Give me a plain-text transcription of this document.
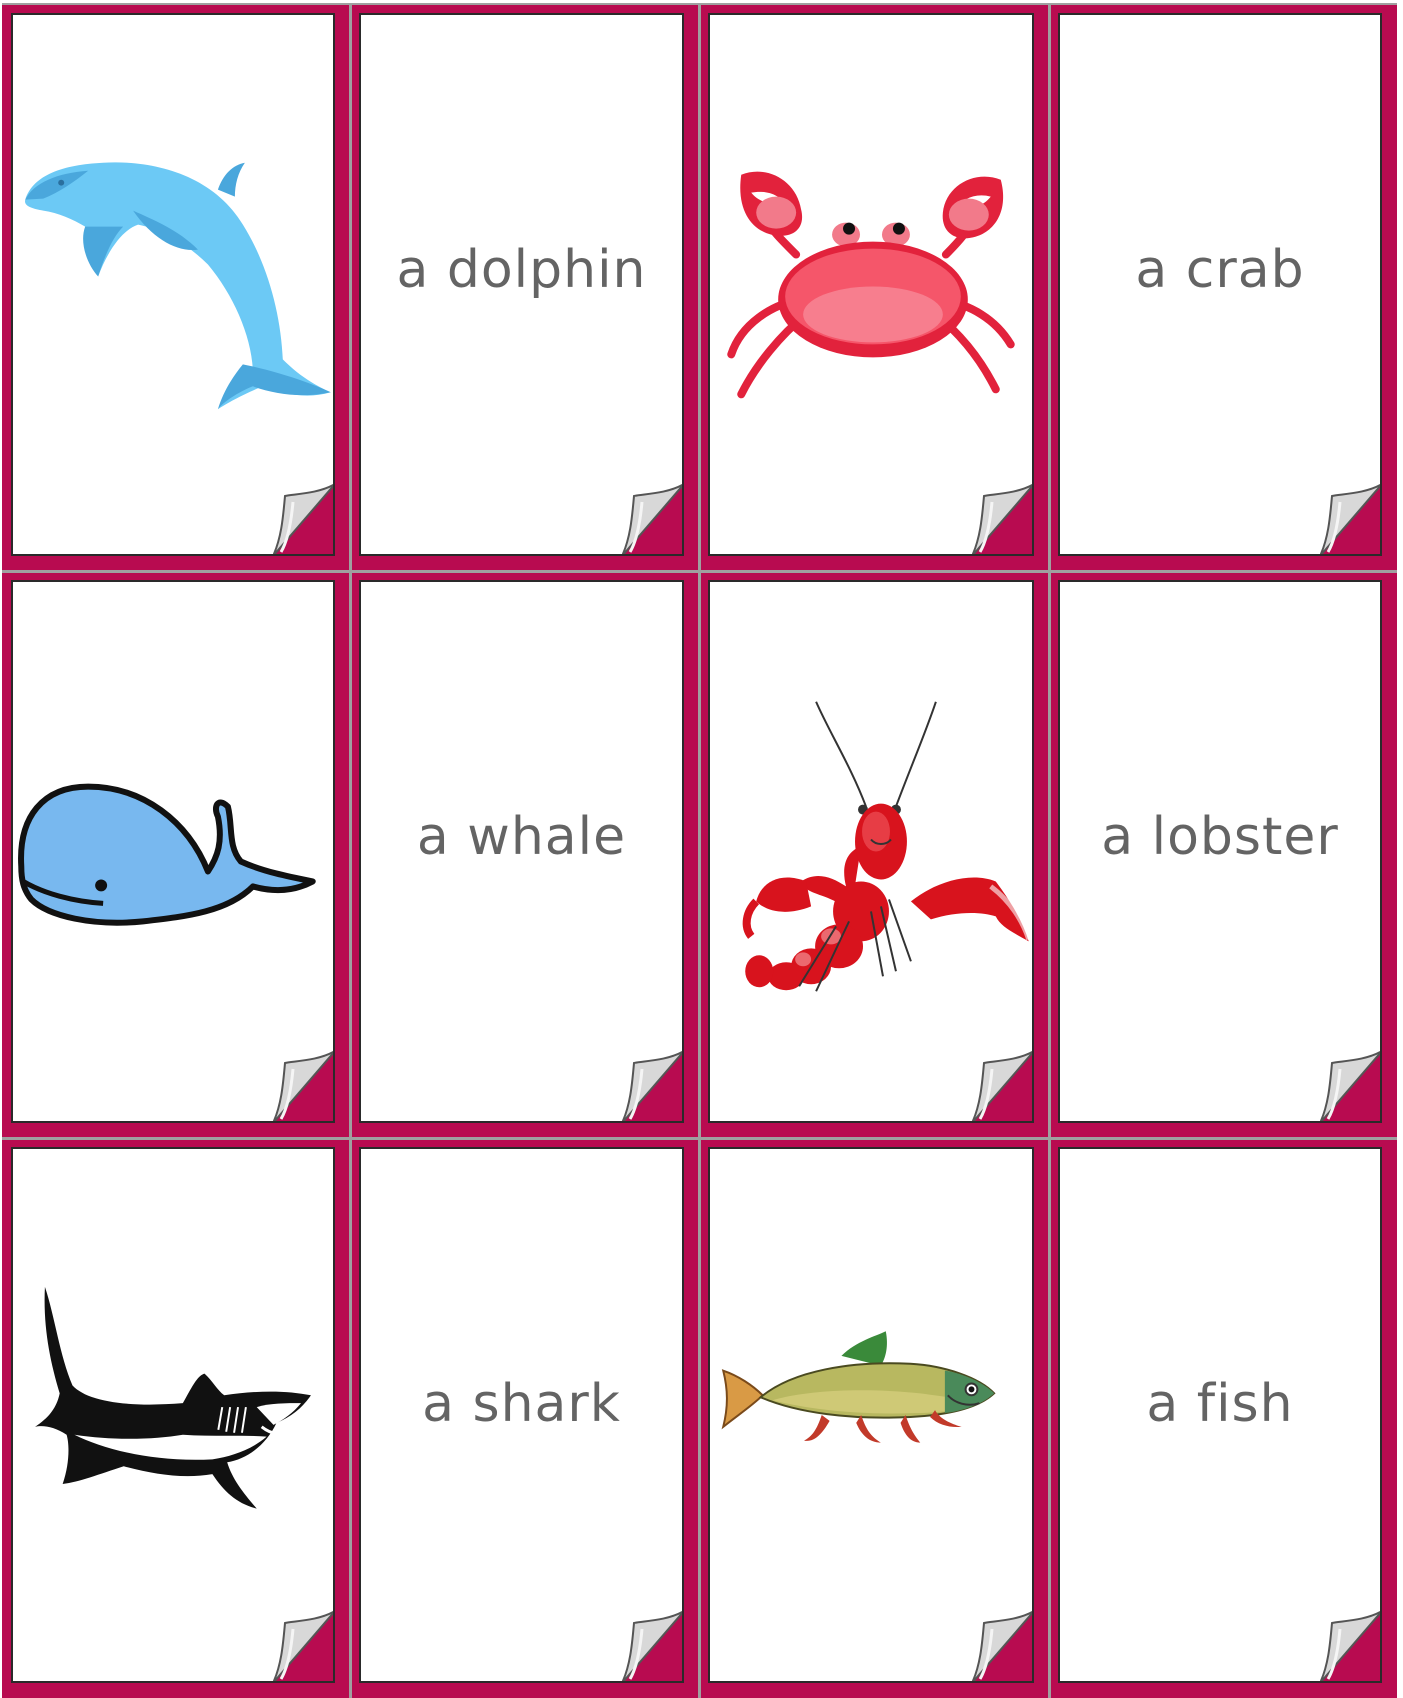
a dolphin	a crab
a whale	a lobster
a shark	a fish
